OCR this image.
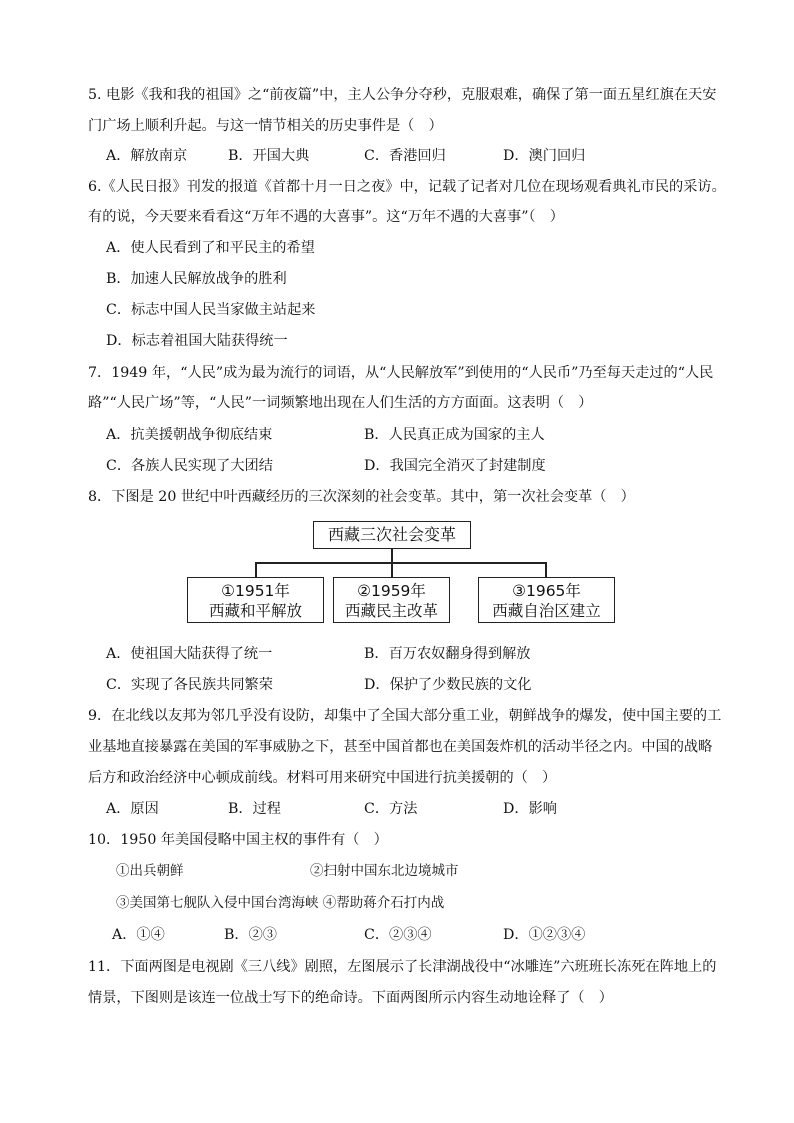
5. 电影《我和我的祖国》之“前夜篇”中，主人公争分夺秒，克服艰难，确保了第一面五星红旗在天安
门广场上顺利升起。与这一情节相关的历史事件是（　）
A．解放南京	B．开国大典	C．香港回归	D．澳门回归
6.《人民日报》刊发的报道《首都十月一日之夜》中，记载了记者对几位在现场观看典礼市民的采访。
有的说，今天要来看看这“万年不遇的大喜事”。这“万年不遇的大喜事”（　）
A．使人民看到了和平民主的希望
B．加速人民解放战争的胜利
C．标志中国人民当家做主站起来
D．标志着祖国大陆获得统一
7．1949 年，“人民”成为最为流行的词语，从“人民解放军”到使用的“人民币”乃至每天走过的“人民
路”“人民广场”等，“人民”一词频繁地出现在人们生活的方方面面。这表明（　）
A．抗美援朝战争彻底结束	B．人民真正成为国家的主人
C．各族人民实现了大团结	D．我国完全消灭了封建制度
8．下图是 20 世纪中叶西藏经历的三次深刻的社会变革。其中，第一次社会变革（　）
西藏三次社会变革
①1951年
西藏和平解放
②1959年
西藏民主改革
③1965年
西藏自治区建立
A．使祖国大陆获得了统一	B．百万农奴翻身得到解放
C．实现了各民族共同繁荣	D．保护了少数民族的文化
9．在北线以友邦为邻几乎没有设防，却集中了全国大部分重工业，朝鲜战争的爆发，使中国主要的工
业基地直接暴露在美国的军事威胁之下，甚至中国首都也在美国轰炸机的活动半径之内。中国的战略
后方和政治经济中心顿成前线。材料可用来研究中国进行抗美援朝的（　）
A．原因	B．过程	C．方法	D．影响
10．1950 年美国侵略中国主权的事件有（　）
①出兵朝鲜	②扫射中国东北边境城市
③美国第七舰队入侵中国台湾海峡 ④帮助蒋介石打内战
A．①④	B．②③	C．②③④	D．①②③④
11．下面两图是电视剧《三八线》剧照，左图展示了长津湖战役中“冰雕连”六班班长冻死在阵地上的
情景，下图则是该连一位战士写下的绝命诗。下面两图所示内容生动地诠释了（　）
